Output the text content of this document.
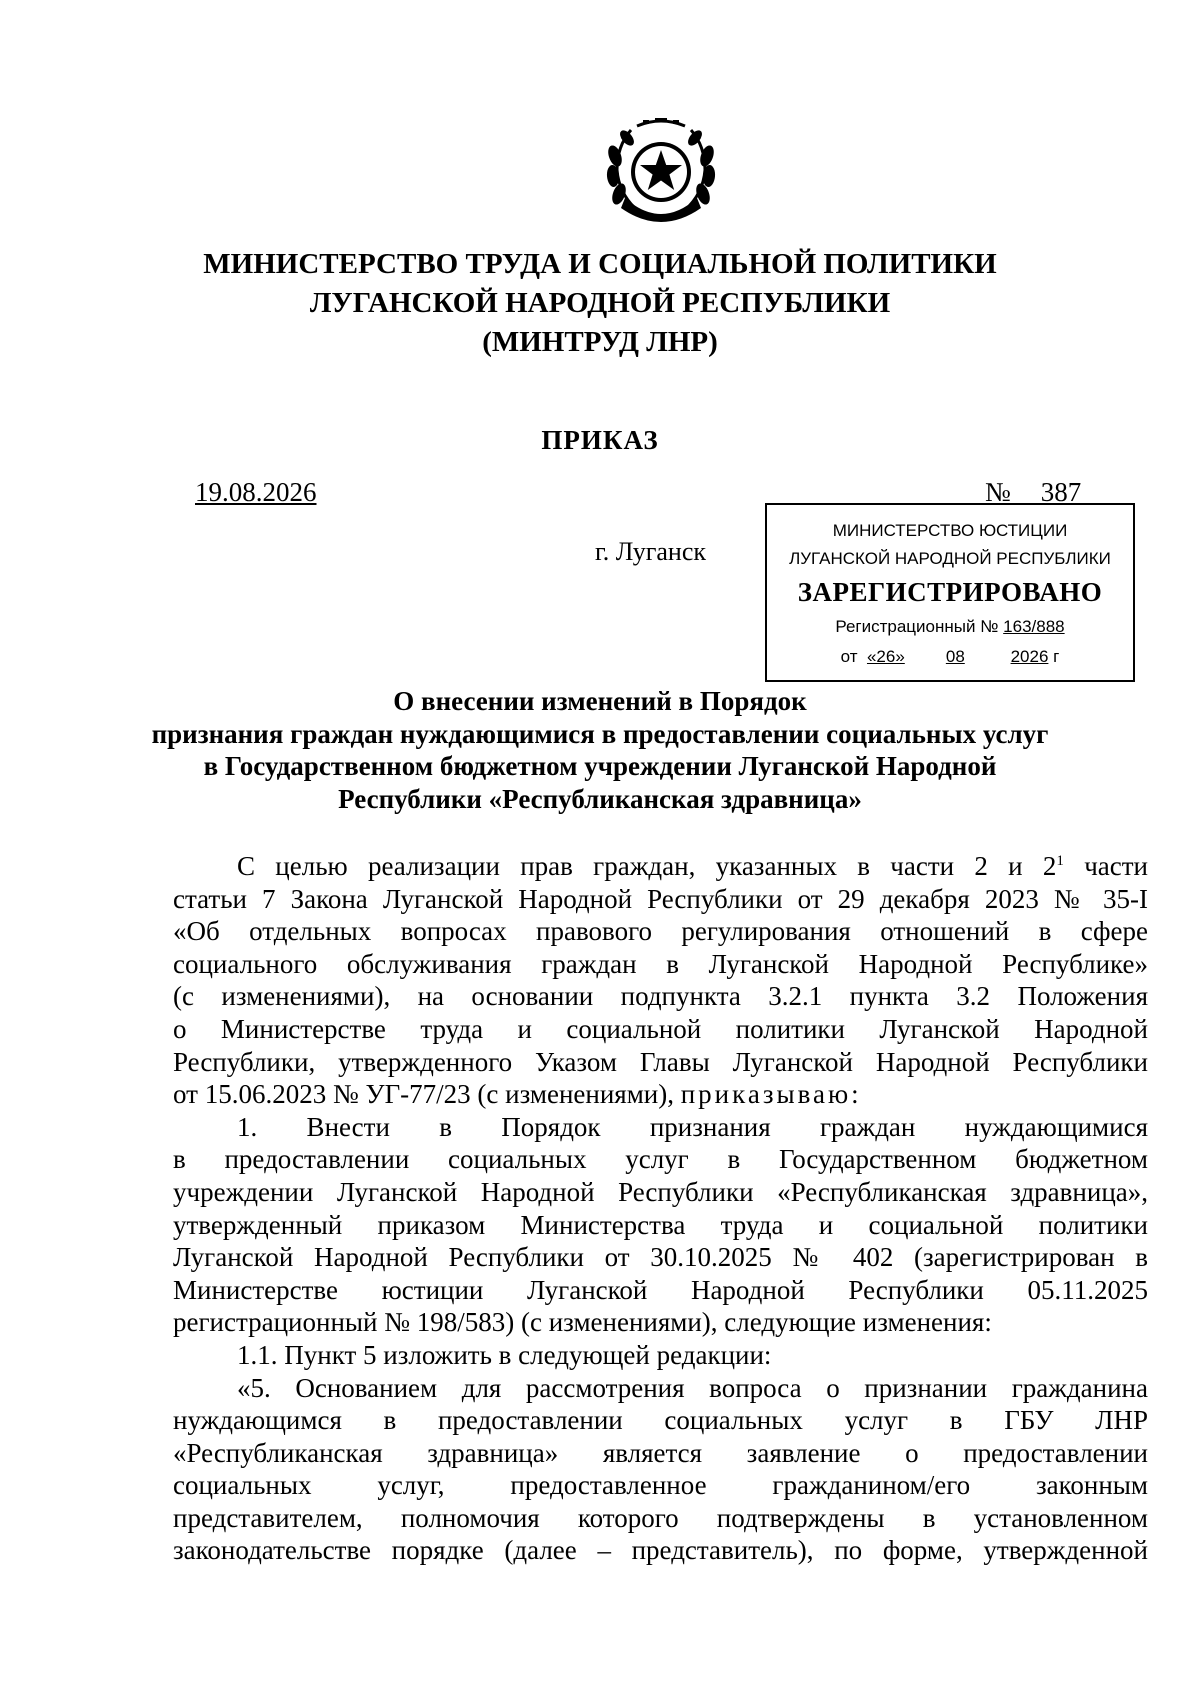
МИНИСТЕРСТВО ТРУДА И СОЦИАЛЬНОЙ ПОЛИТИКИ
ЛУГАНСКОЙ НАРОДНОЙ РЕСПУБЛИКИ
(МИНТРУД ЛНР)
ПРИКАЗ
19.08.2026	№ 387
г. Луганск
МИНИСТЕРСТВО ЮСТИЦИИ
ЛУГАНСКОЙ НАРОДНОЙ РЕСПУБЛИКИ
ЗАРЕГИСТРИРОВАНО
Регистрационный № 163/888
от «26» 08	2026 г
О внесении изменений в Порядок
признания граждан нуждающимися в предоставлении социальных услуг
в Государственном бюджетном учреждении Луганской Народной
Республики «Республиканская здравница»
С целью реализации прав граждан, указанных в части 2 и $2^1$ части
статьи 7 Закона Луганской Народной Республики от 29 декабря 2023 № 35-I
«Об отдельных вопросах правового регулирования отношений в сфере
социального обслуживания граждан в Луганской Народной Республике»
(с изменениями), на основании подпункта 3.2.1 пункта 3.2 Положения
о Министерстве труда и социальной политики Луганской Народной
Республики, утвержденного Указом Главы Луганской Народной Республики
от 15.06.2023 № УГ-77/23 (с изменениями), приказываю:
1. Внести в Порядок признания граждан нуждающимися
в предоставлении социальных услуг в Государственном бюджетном
учреждении Луганской Народной Республики «Республиканская здравница»,
утвержденный приказом Министерства труда и социальной политики
Луганской Народной Республики от 30.10.2025 № 402 (зарегистрирован в
Министерстве юстиции Луганской Народной Республики 05.11.2025
регистрационный № 198/583) (с изменениями), следующие изменения:
1.1. Пункт 5 изложить в следующей редакции:
«5. Основанием для рассмотрения вопроса о признании гражданина
нуждающимся в предоставлении социальных услуг в ГБУ ЛНР
«Республиканская здравница» является заявление о предоставлении
социальных услуг, предоставленное гражданином/его законным
представителем, полномочия которого подтверждены в установленном
законодательстве порядке (далее – представитель), по форме, утвержденной
